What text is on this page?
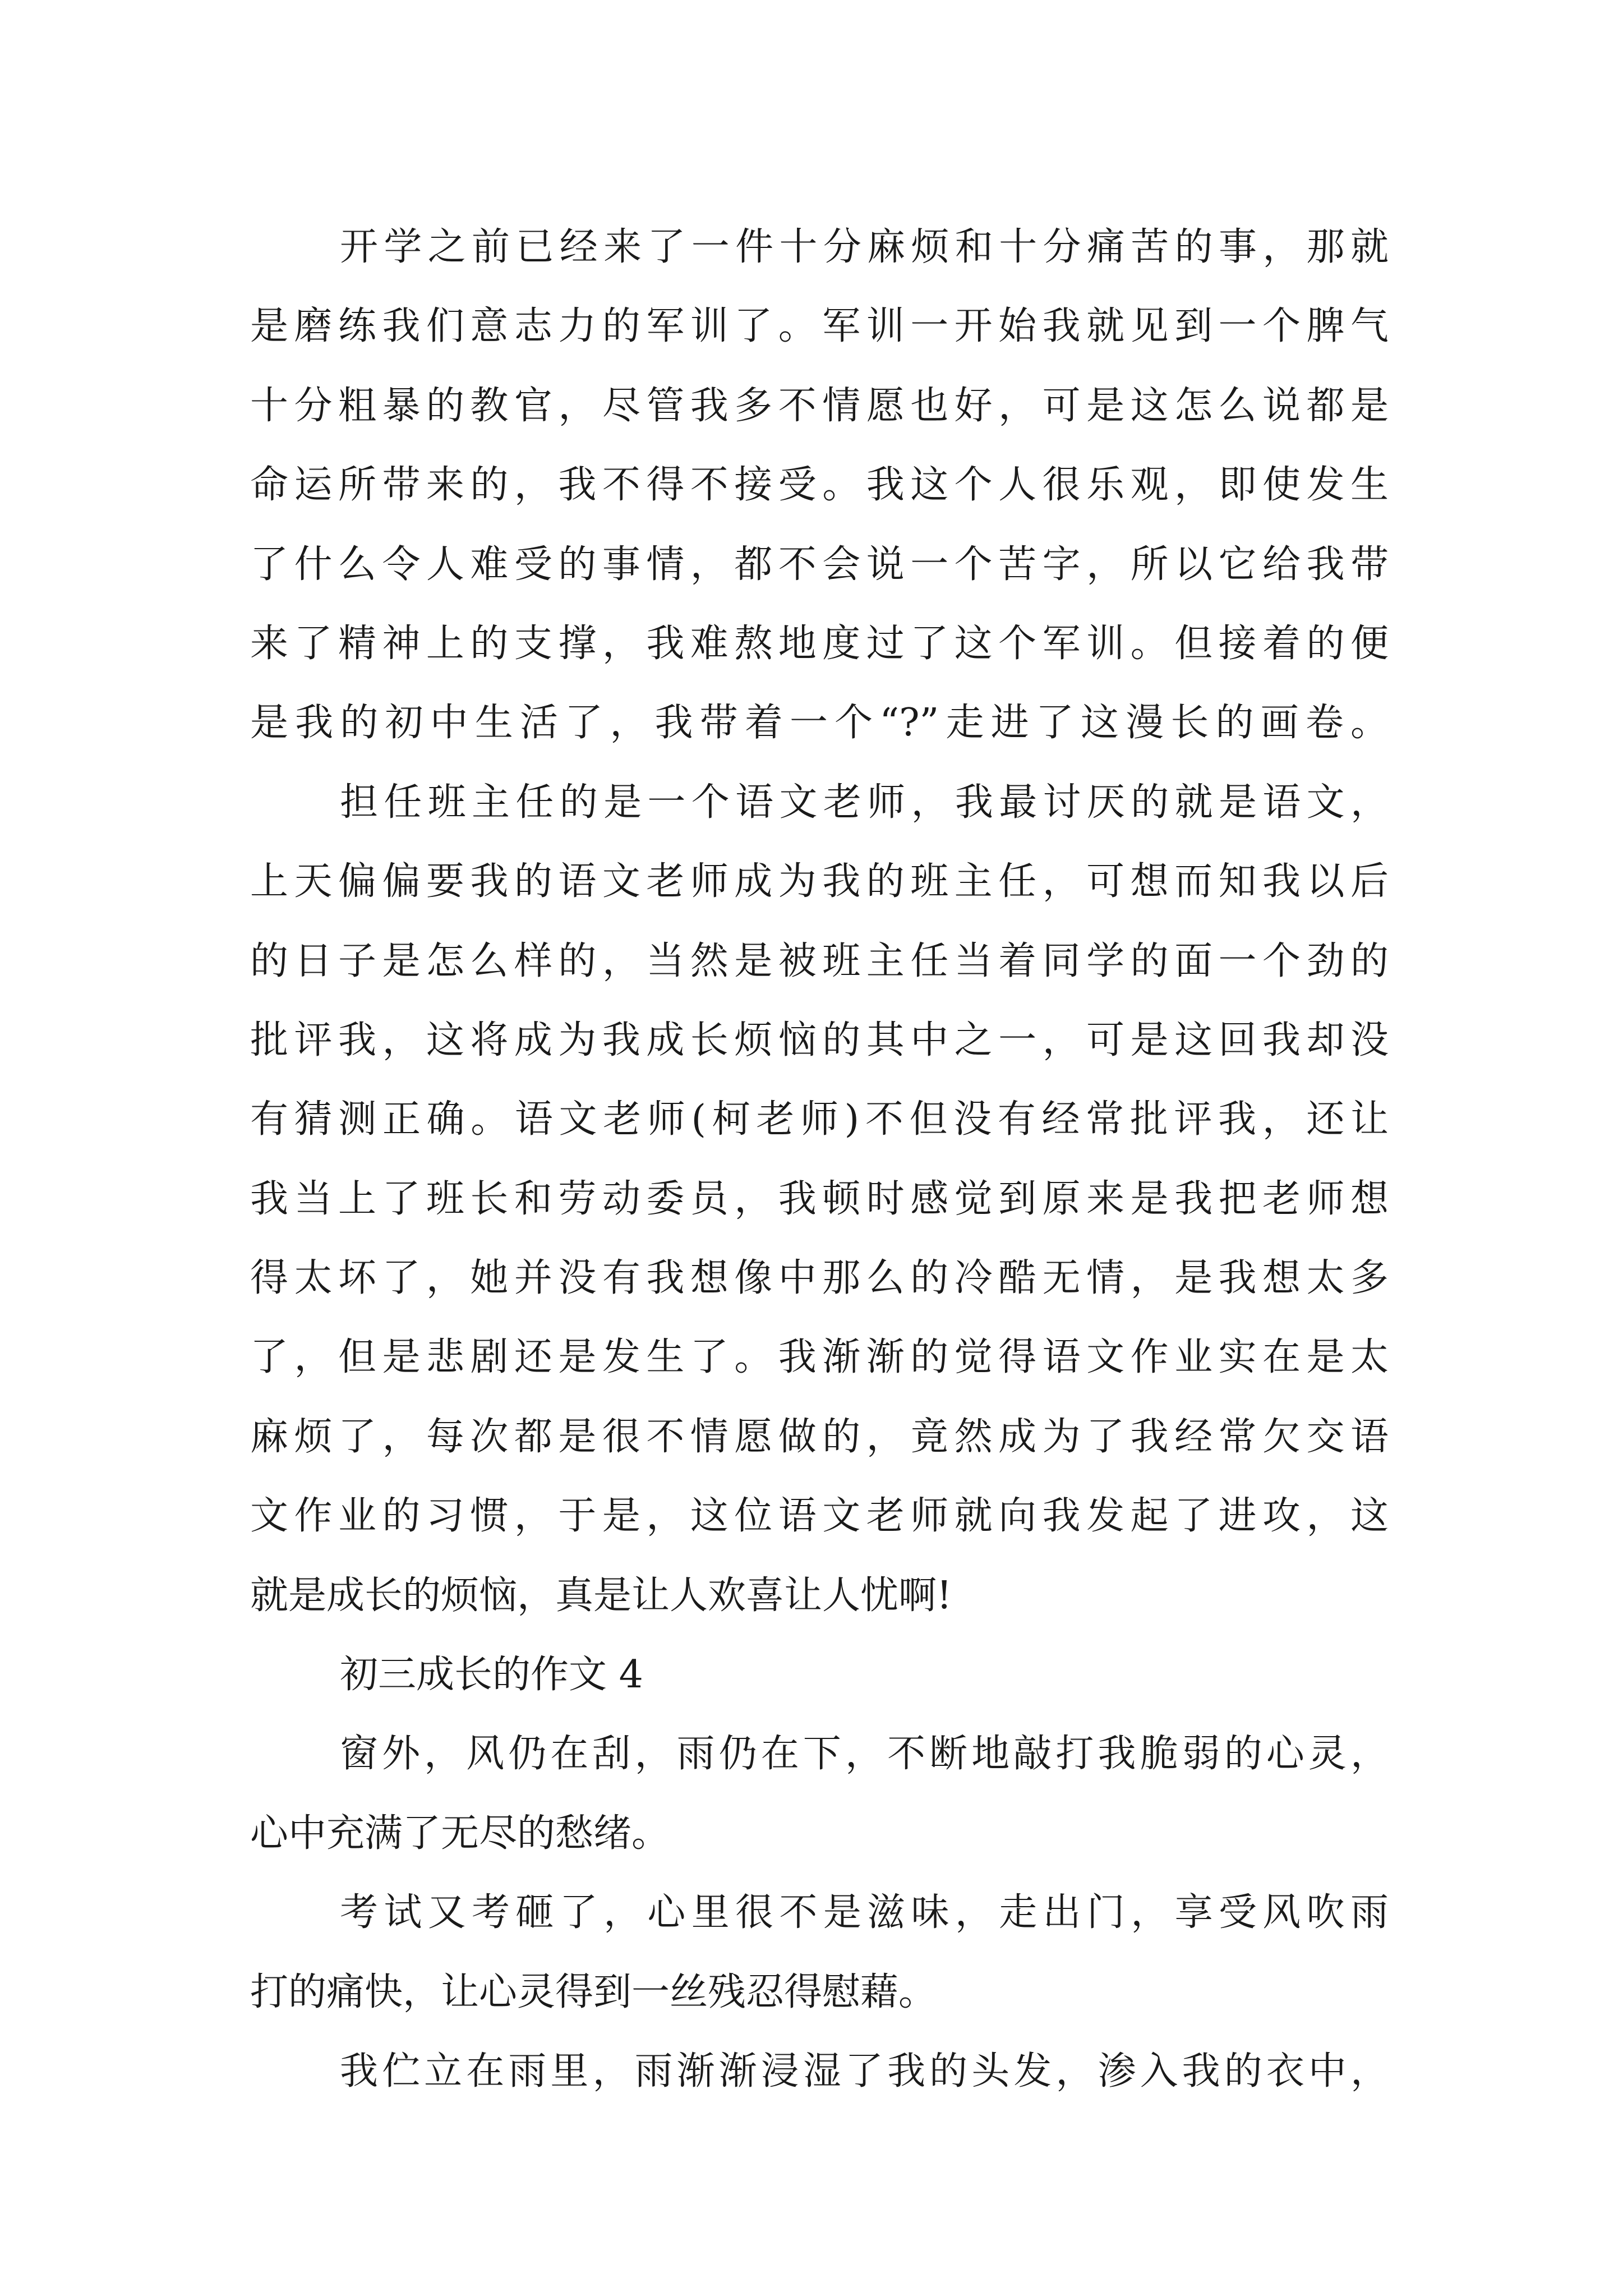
开学之前已经来了一件十分麻烦和十分痛苦的事，那就
是磨练我们意志力的军训了。军训一开始我就见到一个脾气
十分粗暴的教官，尽管我多不情愿也好，可是这怎么说都是
命运所带来的，我不得不接受。我这个人很乐观，即使发生
了什么令人难受的事情，都不会说一个苦字，所以它给我带
来了精神上的支撑，我难熬地度过了这个军训。但接着的便
是我的初中生活了，我带着一个“?”走进了这漫长的画卷。
担任班主任的是一个语文老师，我最讨厌的就是语文，
上天偏偏要我的语文老师成为我的班主任，可想而知我以后
的日子是怎么样的，当然是被班主任当着同学的面一个劲的
批评我，这将成为我成长烦恼的其中之一，可是这回我却没
有猜测正确。语文老师(柯老师)不但没有经常批评我，还让
我当上了班长和劳动委员，我顿时感觉到原来是我把老师想
得太坏了，她并没有我想像中那么的冷酷无情，是我想太多
了，但是悲剧还是发生了。我渐渐的觉得语文作业实在是太
麻烦了，每次都是很不情愿做的，竟然成为了我经常欠交语
文作业的习惯，于是，这位语文老师就向我发起了进攻，这
就是成长的烦恼，真是让人欢喜让人忧啊!
初三成长的作文 4
窗外，风仍在刮，雨仍在下，不断地敲打我脆弱的心灵，
心中充满了无尽的愁绪。
考试又考砸了，心里很不是滋味，走出门，享受风吹雨
打的痛快，让心灵得到一丝残忍得慰藉。
我伫立在雨里，雨渐渐浸湿了我的头发，渗入我的衣中，
